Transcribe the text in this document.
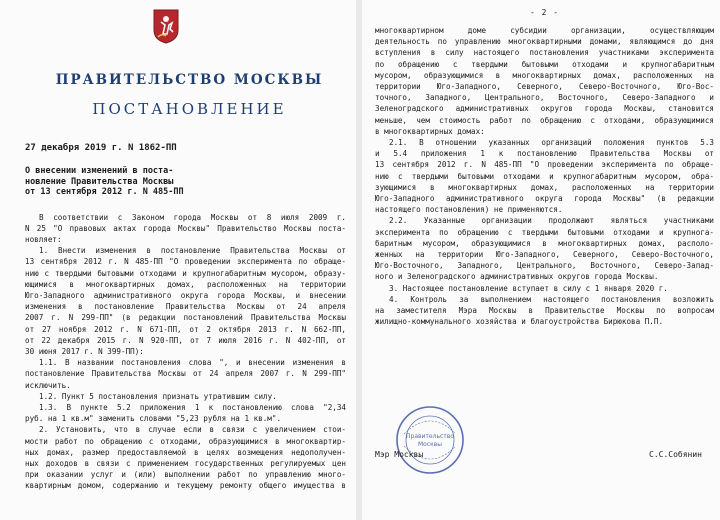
ПРАВИТЕЛЬСТВО МОСКВЫ
ПОСТАНОВЛЕНИЕ
27 декабря 2019 г. N 1862-ПП
О внесении изменений в поста-
новление Правительства Москвы
от 13 сентября 2012 г. N 485-ПП
В соответствии с Законом города Москвы от 8 июля 2009 г.
N 25 "О правовых актах города Москвы" Правительство Москвы поста-
новляет:
1. Внести изменения в постановление Правительства Москвы от
13 сентября 2012 г. N 485-ПП "О проведении эксперимента по обраще-
нию с твердыми бытовыми отходами и крупногабаритным мусором, образу-
ющимися в многоквартирных домах, расположенных на территории
Юго-Западного административного округа города Москвы, и внесении
изменения в постановление Правительства Москвы от 24 апреля
2007 г. N 299-ПП" (в редакции постановлений Правительства Москвы
от 27 ноября 2012 г. N 671-ПП, от 2 октября 2013 г. N 662-ПП,
от 22 декабря 2015 г. N 920-ПП, от 7 июля 2016 г. N 402-ПП, от
30 июня 2017 г. N 399-ПП):
1.1. В названии постановления слова ", и внесении изменения в
постановление Правительства Москвы от 24 апреля 2007 г. N 299-ПП"
исключить.
1.2. Пункт 5 постановления признать утратившим силу.
1.3. В пункте 5.2 приложения 1 к постановлению слова "2,34
руб. на 1 кв.м" заменить словами "5,23 рубля на 1 кв.м".
2. Установить, что в случае если в связи с увеличением стои-
мости работ по обращению с отходами, образующимися в многоквартир-
ных домах, размер предоставляемой в целях возмещения недополучен-
ных доходов в связи с применением государственных регулируемых цен
при оказании услуг и (или) выполнении работ по управлению много-
квартирным домом, содержанию и текущему ремонту общего имущества в
- 2 -
многоквартирном доме субсидии организации, осуществляющим
деятельность по управлению многоквартирными домами, являющимся до дня
вступления в силу настоящего постановления участниками эксперимента
по обращению с твердыми бытовыми отходами и крупногабаритным
мусором, образующимися в многоквартирных домах, расположенных на
территории Юго-Западного, Северного, Северо-Восточного, Юго-Вос-
точного, Западного, Центрального, Восточного, Северо-Западного и
Зеленоградского административных округов города Москвы, становится
меньше, чем стоимость работ по обращению с отходами, образующимися
в многоквартирных домах:
2.1. В отношении указанных организаций положения пунктов 5.3
и 5.4 приложения 1 к постановлению Правительства Москвы от
13 сентября 2012 г. N 485-ПП "О проведении эксперимента по обраще-
нию с твердыми бытовыми отходами и крупногабаритным мусором, обра-
зующимися в многоквартирных домах, расположенных на территории
Юго-Западного административного округа города Москвы" (в редакции
настоящего постановления) не применяются.
2.2. Указанные организации продолжают являться участниками
эксперимента по обращению с твердыми бытовыми отходами и крупнога-
баритным мусором, образующимися в многоквартирных домах, располо-
женных на территории Юго-Западного, Северного, Северо-Восточного,
Юго-Восточного, Западного, Центрального, Восточного, Северо-Запад-
ного и Зеленоградского административных округов города Москвы.
3. Настоящее постановление вступает в силу с 1 января 2020 г.
4. Контроль за выполнением настоящего постановления возложить
на заместителя Мэра Москвы в Правительстве Москвы по вопросам
жилищно-коммунального хозяйства и благоустройства Бирюкова П.П.
Правительство
Москвы
Мэр Москвы	С.С.Собянин
